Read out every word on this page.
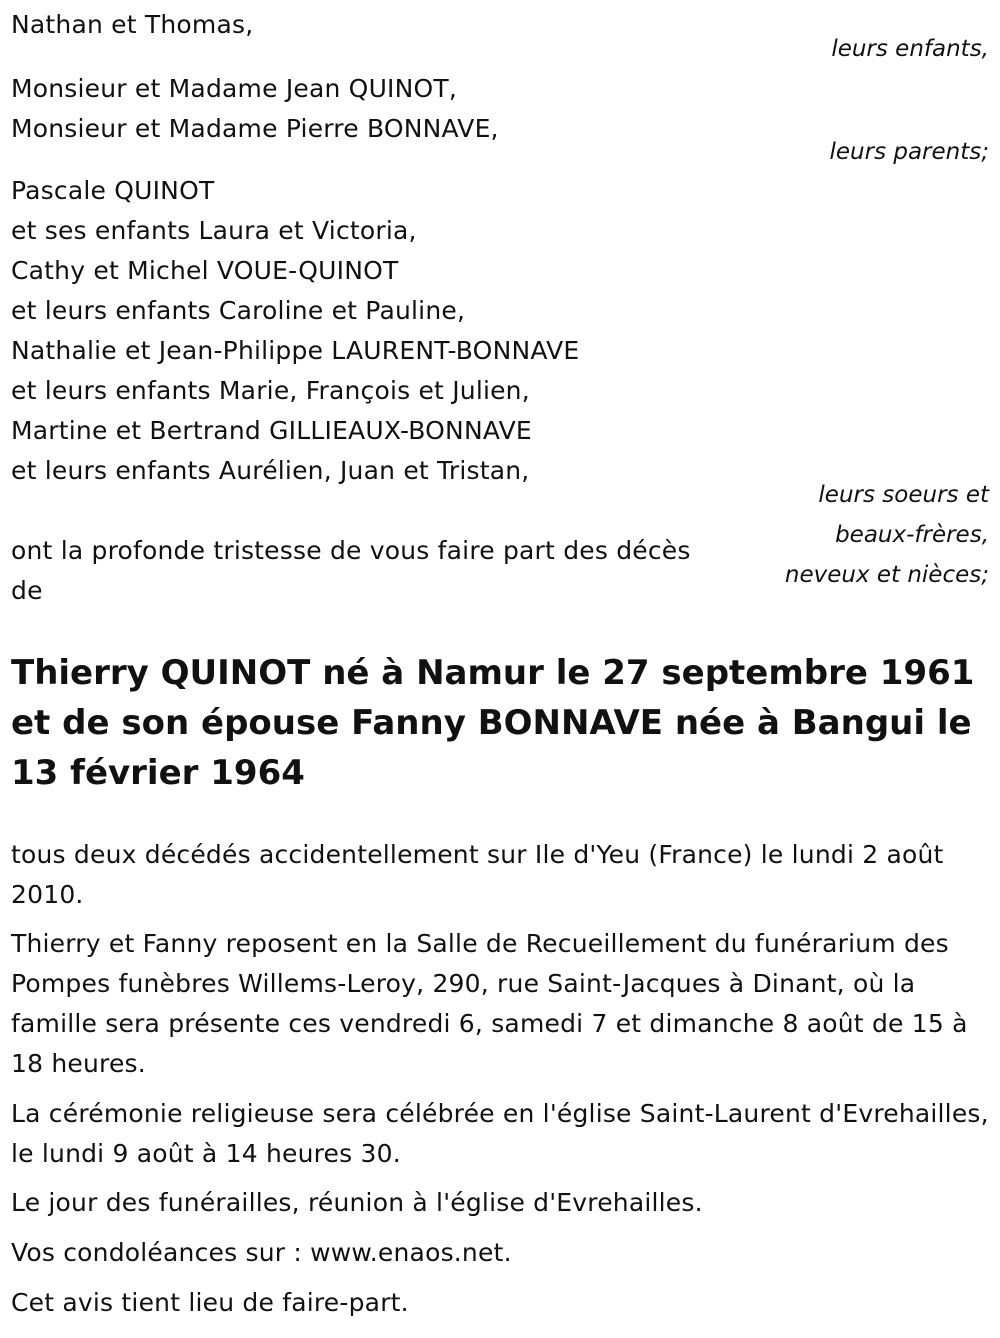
Nathan et Thomas,
leurs enfants,
Monsieur et Madame Jean QUINOT,
Monsieur et Madame Pierre BONNAVE,
leurs parents;
Pascale QUINOT
et ses enfants Laura et Victoria,
Cathy et Michel VOUE-QUINOT
et leurs enfants Caroline et Pauline,
Nathalie et Jean-Philippe LAURENT-BONNAVE
et leurs enfants Marie, François et Julien,
Martine et Bertrand GILLIEAUX-BONNAVE
et leurs enfants Aurélien, Juan et Tristan,
leurs soeurs et
beaux-frères,
neveux et nièces;
ont la profonde tristesse de vous faire part des décès
de
Thierry QUINOT né à Namur le 27 septembre 1961 et de son épouse Fanny BONNAVE née à Bangui le 13 février 1964

tous deux décédés accidentellement sur Ile d'Yeu (France) le lundi 2 août 2010.

Thierry et Fanny reposent en la Salle de Recueillement du funérarium des Pompes funèbres Willems-Leroy, 290, rue Saint-Jacques à Dinant, où la famille sera présente ces vendredi 6, samedi 7 et dimanche 8 août de 15 à 18 heures.

La cérémonie religieuse sera célébrée en l'église Saint-Laurent d'Evrehailles, le lundi 9 août à 14 heures 30.

Le jour des funérailles, réunion à l'église d'Evrehailles.

Vos condoléances sur : www.enaos.net.

Cet avis tient lieu de faire-part.
